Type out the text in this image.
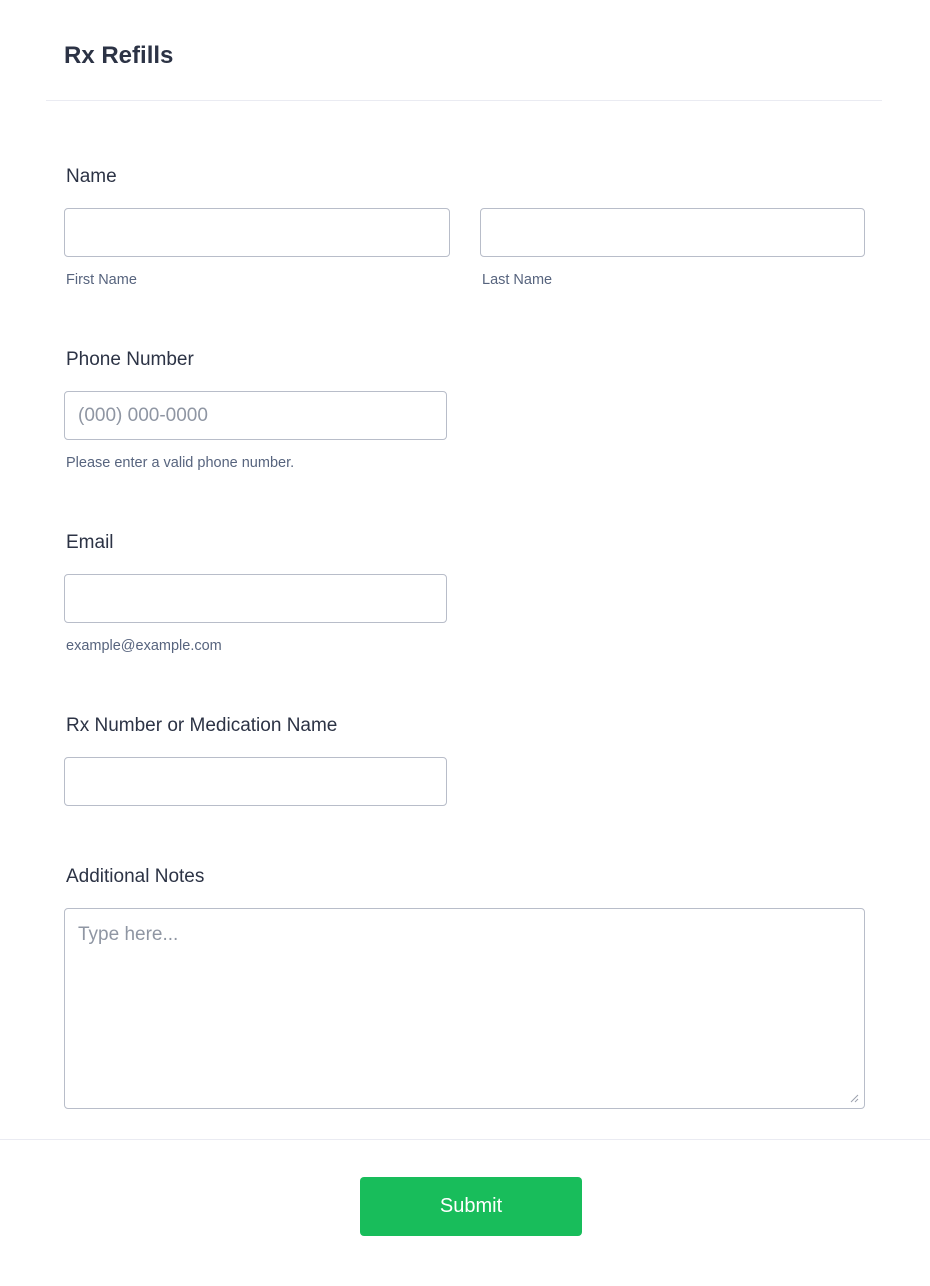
Rx Refills
Name
First Name	Last Name
Phone Number
(000) 000-0000
Please enter a valid phone number.
Email
example@example.com
Rx Number or Medication Name
Additional Notes
Type here...
Submit
